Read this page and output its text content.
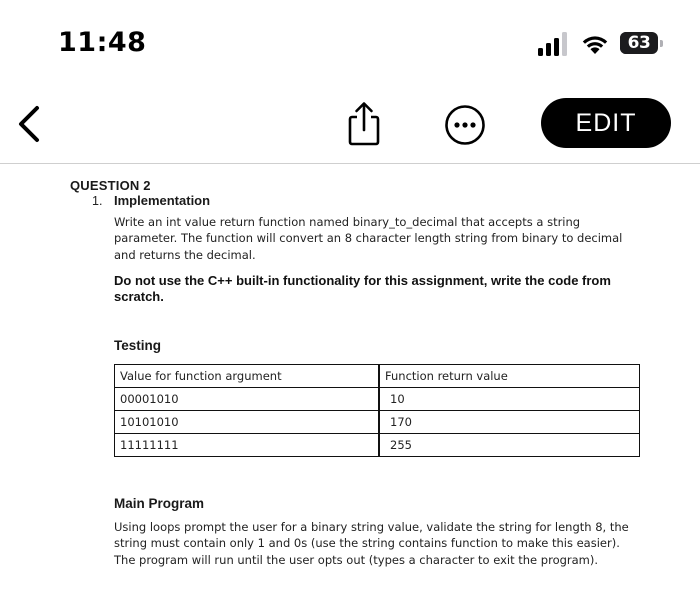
11:48	63
EDIT
QUESTION 2
1. Implementation
Write an int value return function named binary_to_decimal that accepts a string parameter. The function will convert an 8 character length string from binary to decimal and returns the decimal.
Do not use the C++ built-in functionality for this assignment, write the code from scratch.
Testing
Value for function argument	Function return value
00001010	10
10101010	170
11111111	255
Main Program
Using loops prompt the user for a binary string value, validate the string for length 8, the string must contain only 1 and 0s (use the string contains function to make this easier). The program will run until the user opts out (types a character to exit the program).
